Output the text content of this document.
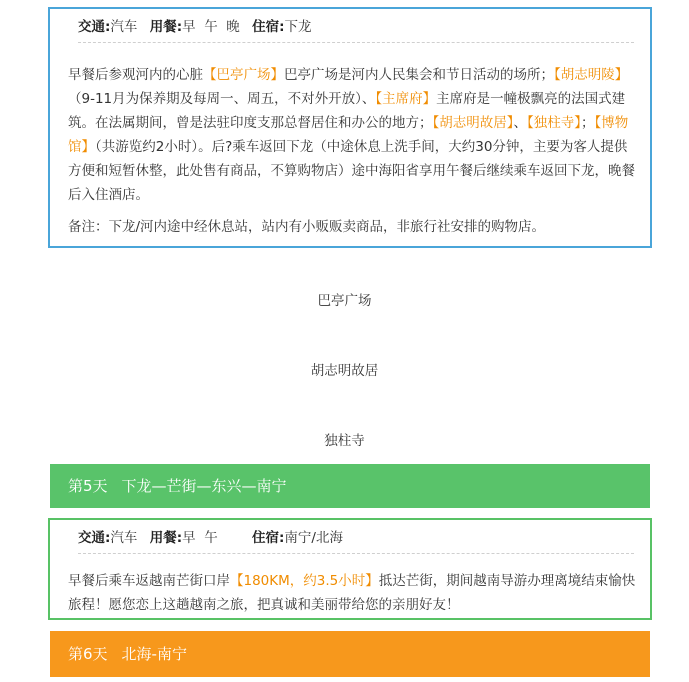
交通:汽车 用餐:早  午  晚 住宿:下龙

早餐后参观河内的心脏【巴亭广场】巴亭广场是河内人民集会和节日活动的场所；【胡志明陵】（9-11月为保养期及每周一、周五，不对外开放）、【主席府】主席府是一幢极飘亮的法国式建筑。在法属期间，曾是法驻印度支那总督居住和办公的地方；【胡志明故居】、【独柱寺】；【博物馆】（共游览约2小时）。后?乘车返回下龙（中途休息上洗手间，大约30分钟，主要为客人提供方便和短暂休整，此处售有商品，不算购物店）途中海阳省享用午餐后继续乘车返回下龙，晚餐后入住酒店。

备注：下龙/河内途中经休息站，站内有小贩贩卖商品，非旅行社安排的购物店。

巴亭广场
胡志明故居
独柱寺
第5天 下龙—芒街—东兴—南宁
交通:汽车 用餐:早  午	住宿:南宁/北海

早餐后乘车返越南芒街口岸【180KM，约3.5小时】抵达芒街，期间越南导游办理离境结束愉快旅程！愿您恋上这趟越南之旅，把真诚和美丽带给您的亲朋好友！

第6天 北海-南宁
